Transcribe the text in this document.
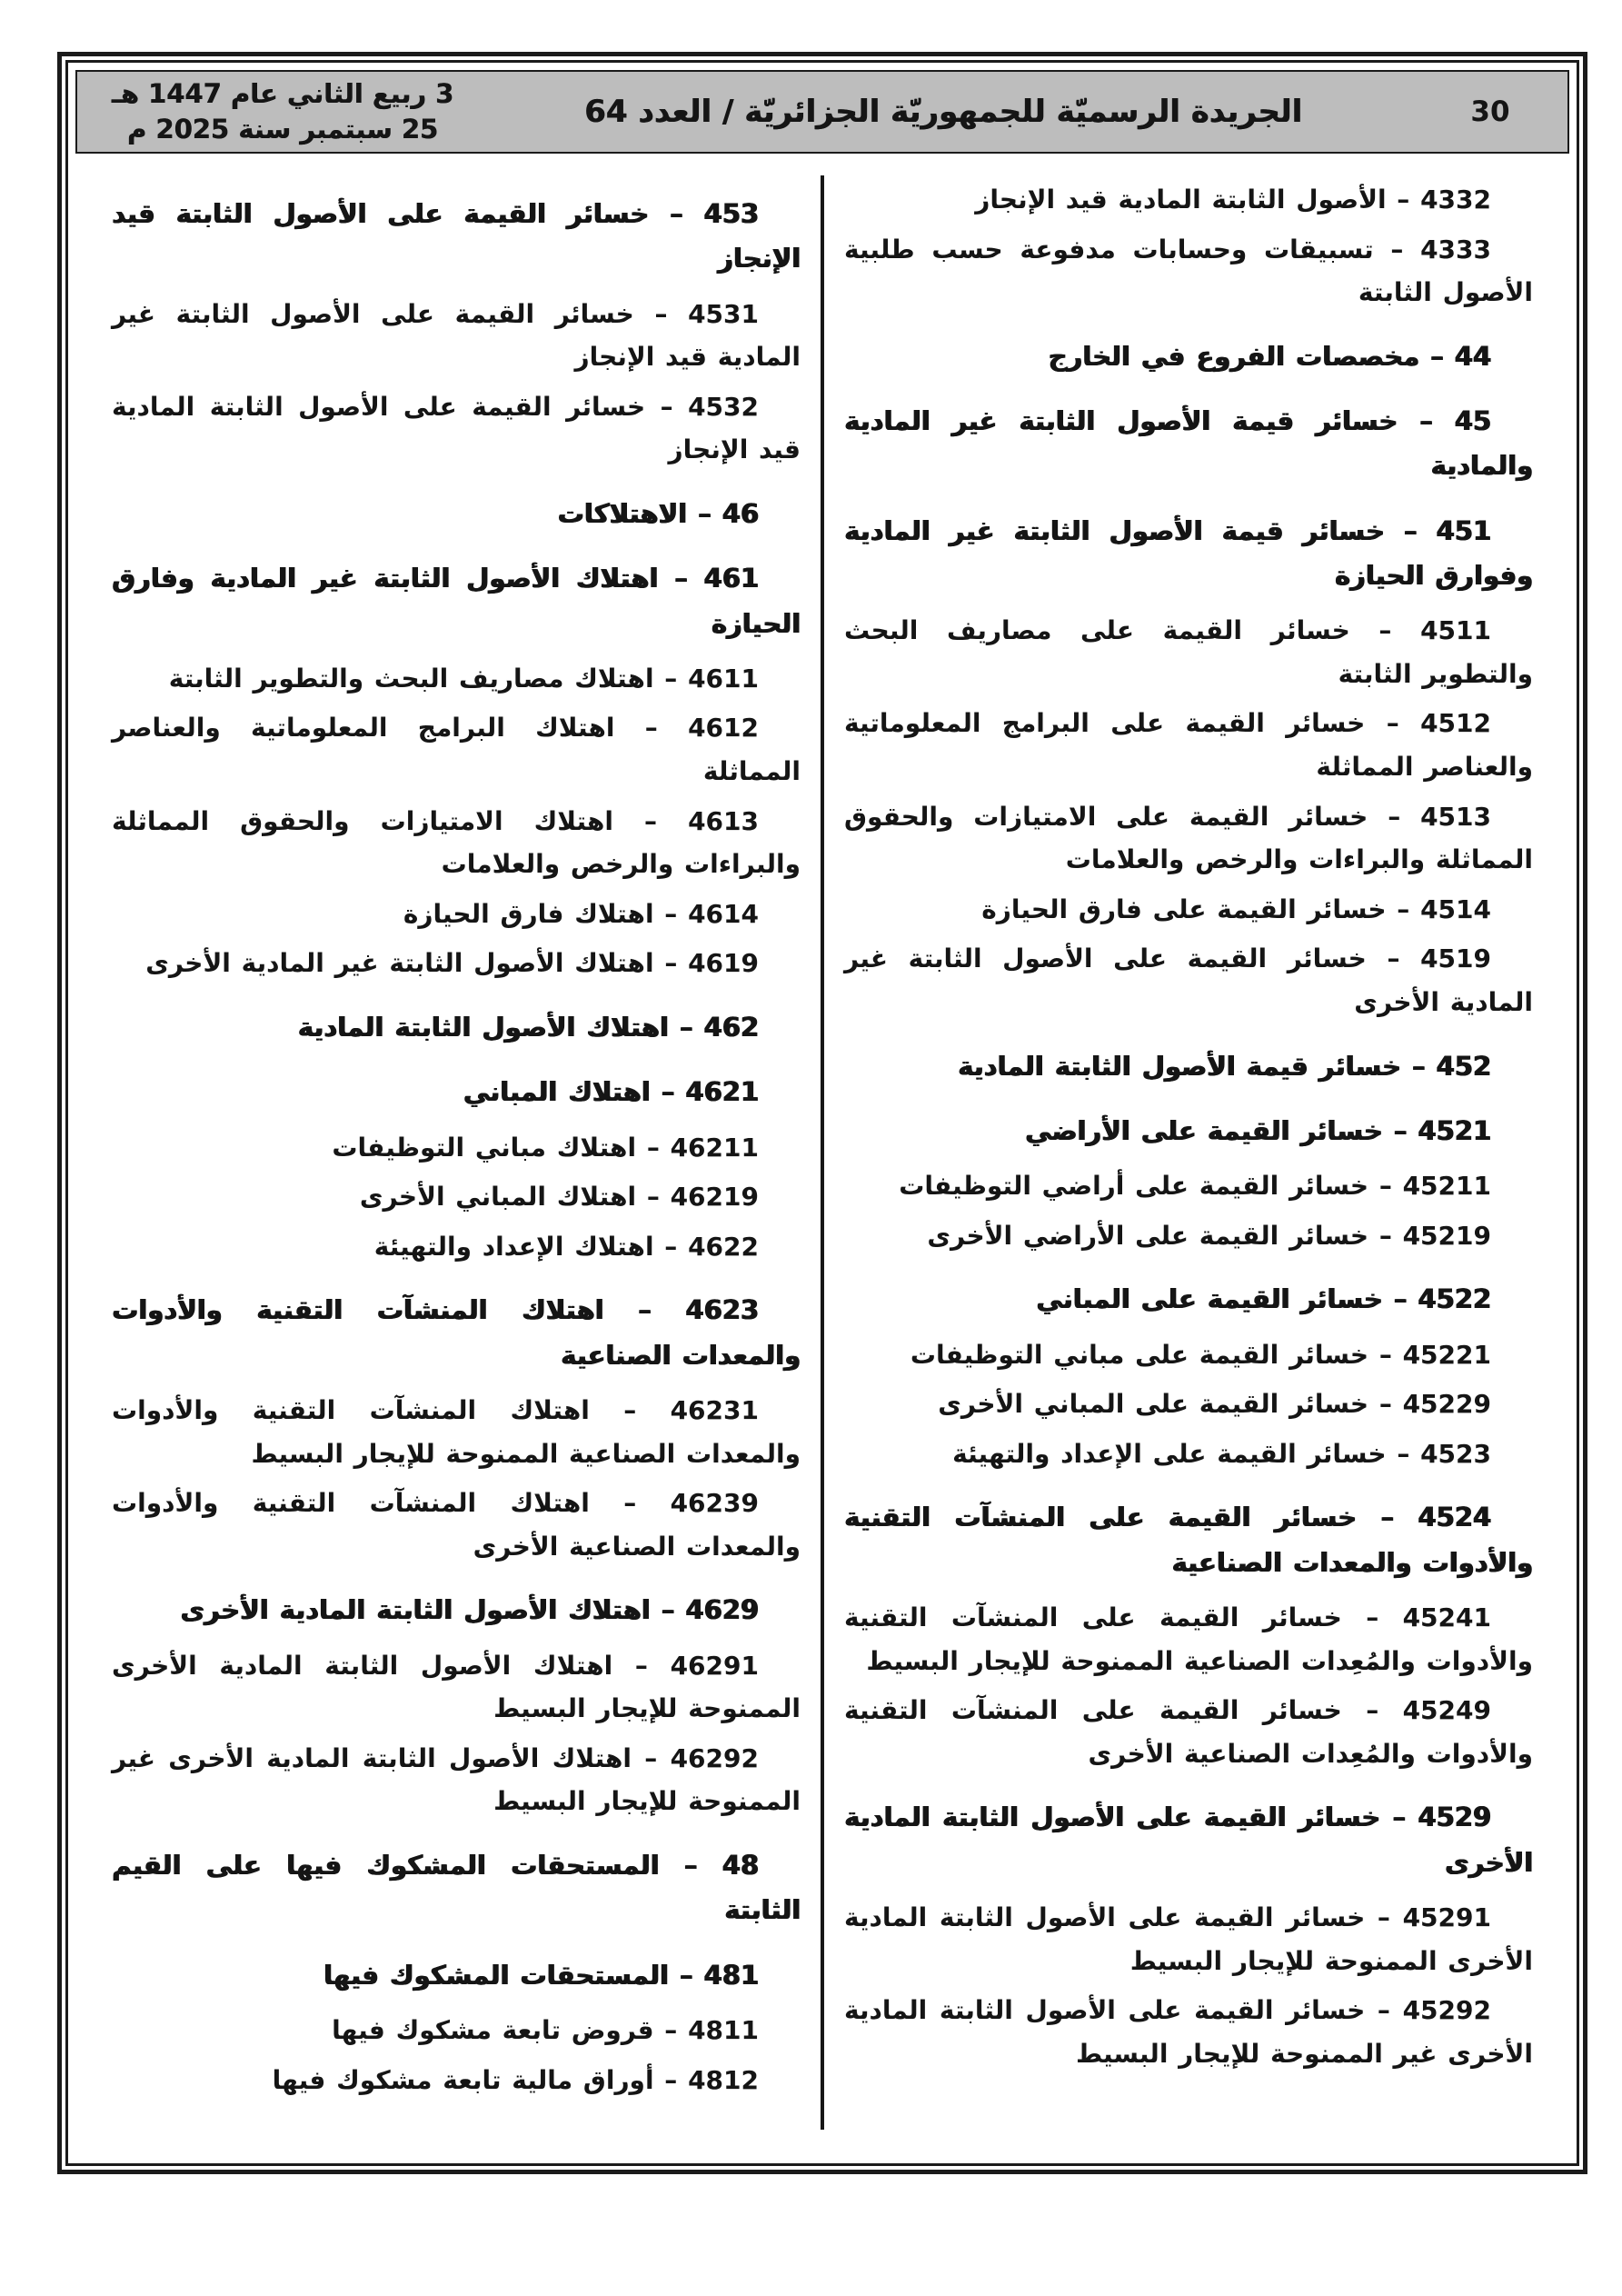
30
الجريدة الرسميّة للجمهوريّة الجزائريّة / العدد 64
3 ربيع الثاني عام 1447 هـ
25 سبتمبر سنة 2025 م
4332 – الأصول الثابتة المادية قيد الإنجاز
4333 – تسبيقات وحسابات مدفوعة حسب طلبية الأصول الثابتة
44 – مخصصات الفروع في الخارج
45 – خسائر قيمة الأصول الثابتة غير المادية والمادية
451 – خسائر قيمة الأصول الثابتة غير المادية وفوارق الحيازة
4511 – خسائر القيمة على مصاريف البحث والتطوير الثابتة
4512 – خسائر القيمة على البرامج المعلوماتية والعناصر المماثلة
4513 – خسائر القيمة على الامتيازات والحقوق المماثلة والبراءات والرخص والعلامات
4514 – خسائر القيمة على فارق الحيازة
4519 – خسائر القيمة على الأصول الثابتة غير المادية الأخرى
452 – خسائر قيمة الأصول الثابتة المادية
4521 – خسائر القيمة على الأراضي
45211 – خسائر القيمة على أراضي التوظيفات
45219 – خسائر القيمة على الأراضي الأخرى
4522 – خسائر القيمة على المباني
45221 – خسائر القيمة على مباني التوظيفات
45229 – خسائر القيمة على المباني الأخرى
4523 – خسائر القيمة على الإعداد والتهيئة
4524 – خسائر القيمة على المنشآت التقنية والأدوات والمعدات الصناعية
45241 – خسائر القيمة على المنشآت التقنية والأدوات والمُعِدات الصناعية الممنوحة للإيجار البسيط
45249 – خسائر القيمة على المنشآت التقنية والأدوات والمُعِدات الصناعية الأخرى
4529 – خسائر القيمة على الأصول الثابتة المادية الأخرى
45291 – خسائر القيمة على الأصول الثابتة المادية الأخرى الممنوحة للإيجار البسيط
45292 – خسائر القيمة على الأصول الثابتة المادية الأخرى غير الممنوحة للإيجار البسيط
453 – خسائر القيمة على الأصول الثابتة قيد الإنجاز
4531 – خسائر القيمة على الأصول الثابتة غير المادية قيد الإنجاز
4532 – خسائر القيمة على الأصول الثابتة المادية قيد الإنجاز
46 – الاهتلاكات
461 – اهتلاك الأصول الثابتة غير المادية وفارق الحيازة
4611 – اهتلاك مصاريف البحث والتطوير الثابتة
4612 – اهتلاك البرامج المعلوماتية والعناصر المماثلة
4613 – اهتلاك الامتيازات والحقوق المماثلة والبراءات والرخص والعلامات
4614 – اهتلاك فارق الحيازة
4619 – اهتلاك الأصول الثابتة غير المادية الأخرى
462 – اهتلاك الأصول الثابتة المادية
4621 – اهتلاك المباني
46211 – اهتلاك مباني التوظيفات
46219 – اهتلاك المباني الأخرى
4622 – اهتلاك الإعداد والتهيئة
4623 – اهتلاك المنشآت التقنية والأدوات والمعدات الصناعية
46231 – اهتلاك المنشآت التقنية والأدوات والمعدات الصناعية الممنوحة للإيجار البسيط
46239 – اهتلاك المنشآت التقنية والأدوات والمعدات الصناعية الأخرى
4629 – اهتلاك الأصول الثابتة المادية الأخرى
46291 – اهتلاك الأصول الثابتة المادية الأخرى الممنوحة للإيجار البسيط
46292 – اهتلاك الأصول الثابتة المادية الأخرى غير الممنوحة للإيجار البسيط
48 – المستحقات المشكوك فيها على القيم الثابتة
481 – المستحقات المشكوك فيها
4811 – قروض تابعة مشكوك فيها
4812 – أوراق مالية تابعة مشكوك فيها
